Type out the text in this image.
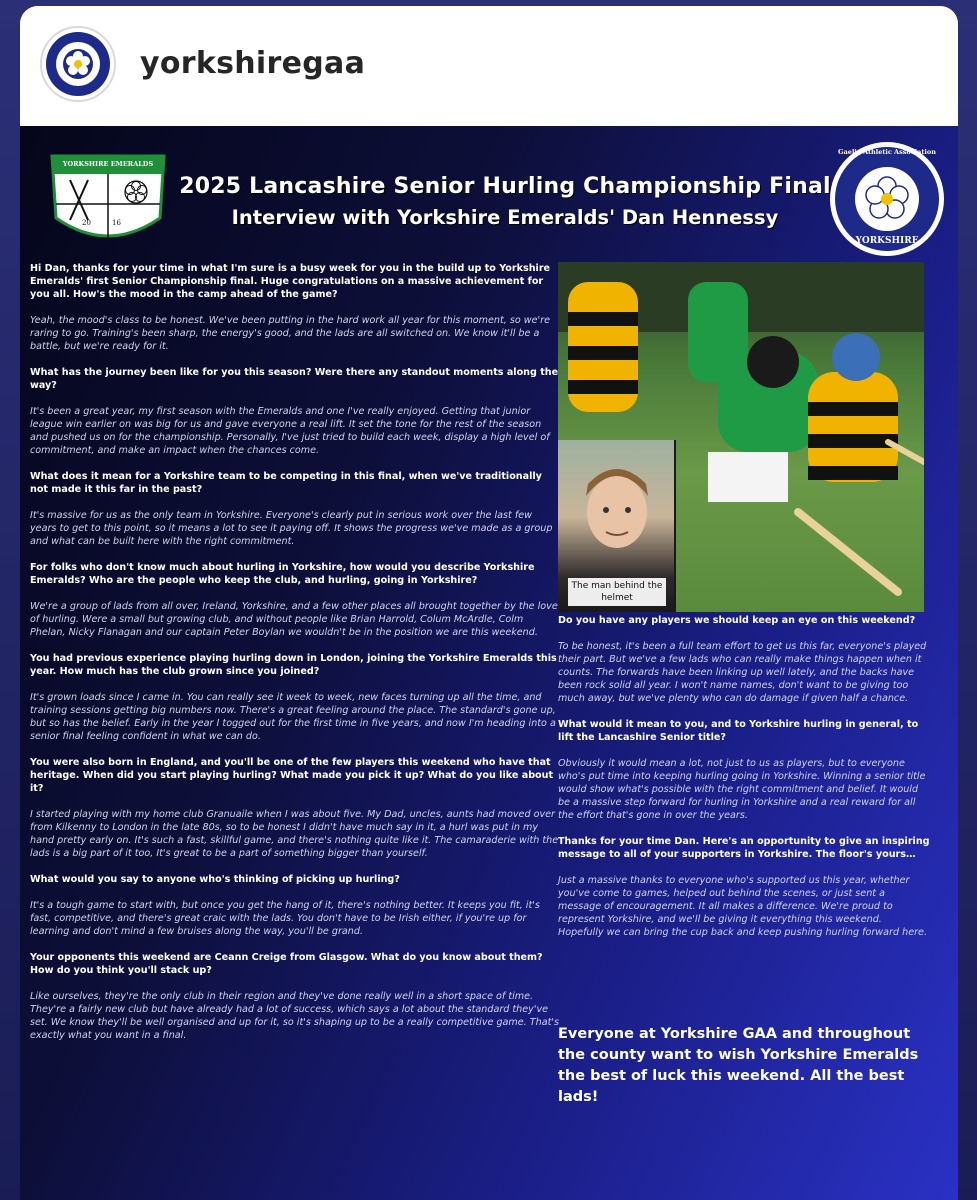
yorkshiregaa
YORKSHIRE EMERALDS
20	16
Gaelic Athletic Association
YORKSHIRE
2025 Lancashire Senior Hurling Championship Final
Interview with Yorkshire Emeralds' Dan Hennessy
Hi Dan, thanks for your time in what I'm sure is a busy week for you in the build up to Yorkshire Emeralds' first Senior Championship final. Huge congratulations on a massive achievement for you all. How's the mood in the camp ahead of the game?
Yeah, the mood's class to be honest. We've been putting in the hard work all year for this moment, so we're raring to go. Training's been sharp, the energy's good, and the lads are all switched on. We know it'll be a battle, but we're ready for it.
What has the journey been like for you this season? Were there any standout moments along the way?
It's been a great year, my first season with the Emeralds and one I've really enjoyed. Getting that junior league win earlier on was big for us and gave everyone a real lift. It set the tone for the rest of the season and pushed us on for the championship. Personally, I've just tried to build each week, display a high level of commitment, and make an impact when the chances come.
What does it mean for a Yorkshire team to be competing in this final, when we've traditionally not made it this far in the past?
It's massive for us as the only team in Yorkshire. Everyone's clearly put in serious work over the last few years to get to this point, so it means a lot to see it paying off. It shows the progress we've made as a group and what can be built here with the right commitment.
For folks who don't know much about hurling in Yorkshire, how would you describe Yorkshire Emeralds? Who are the people who keep the club, and hurling, going in Yorkshire?
We're a group of lads from all over, Ireland, Yorkshire, and a few other places all brought together by the love of hurling. Were a small but growing club, and without people like Brian Harrold, Colum McArdle, Colm Phelan, Nicky Flanagan and our captain Peter Boylan we wouldn't be in the position we are this weekend.
You had previous experience playing hurling down in London, joining the Yorkshire Emeralds this year. How much has the club grown since you joined?
It's grown loads since I came in. You can really see it week to week, new faces turning up all the time, and training sessions getting big numbers now. There's a great feeling around the place. The standard's gone up, but so has the belief. Early in the year I togged out for the first time in five years, and now I'm heading into a senior final feeling confident in what we can do.
You were also born in England, and you'll be one of the few players this weekend who have that heritage. When did you start playing hurling? What made you pick it up? What do you like about it?
I started playing with my home club Granuaile when I was about five. My Dad, uncles, aunts had moved over from Kilkenny to London in the late 80s, so to be honest I didn't have much say in it, a hurl was put in my hand pretty early on. It's such a fast, skillful game, and there's nothing quite like it. The camaraderie with the lads is a big part of it too, It's great to be a part of something bigger than yourself.
What would you say to anyone who's thinking of picking up hurling?
It's a tough game to start with, but once you get the hang of it, there's nothing better. It keeps you fit, it's fast, competitive, and there's great craic with the lads. You don't have to be Irish either, if you're up for learning and don't mind a few bruises along the way, you'll be grand.
Your opponents this weekend are Ceann Creige from Glasgow. What do you know about them? How do you think you'll stack up?
Like ourselves, they're the only club in their region and they've done really well in a short space of time. They're a fairly new club but have already had a lot of success, which says a lot about the standard they've set. We know they'll be well organised and up for it, so it's shaping up to be a really competitive game. That's exactly what you want in a final.
The man behind the helmet
Do you have any players we should keep an eye on this weekend?
To be honest, it's been a full team effort to get us this far, everyone's played their part. But we've a few lads who can really make things happen when it counts. The forwards have been linking up well lately, and the backs have been rock solid all year. I won't name names, don't want to be giving too much away, but we've plenty who can do damage if given half a chance.
What would it mean to you, and to Yorkshire hurling in general, to lift the Lancashire Senior title?
Obviously it would mean a lot, not just to us as players, but to everyone who's put time into keeping hurling going in Yorkshire. Winning a senior title would show what's possible with the right commitment and belief. It would be a massive step forward for hurling in Yorkshire and a real reward for all the effort that's gone in over the years.
Thanks for your time Dan. Here's an opportunity to give an inspiring message to all of your supporters in Yorkshire. The floor's yours…
Just a massive thanks to everyone who's supported us this year, whether you've come to games, helped out behind the scenes, or just sent a message of encouragement. It all makes a difference. We're proud to represent Yorkshire, and we'll be giving it everything this weekend. Hopefully we can bring the cup back and keep pushing hurling forward here.
Everyone at Yorkshire GAA and throughout the county want to wish Yorkshire Emeralds the best of luck this weekend. All the best lads!
